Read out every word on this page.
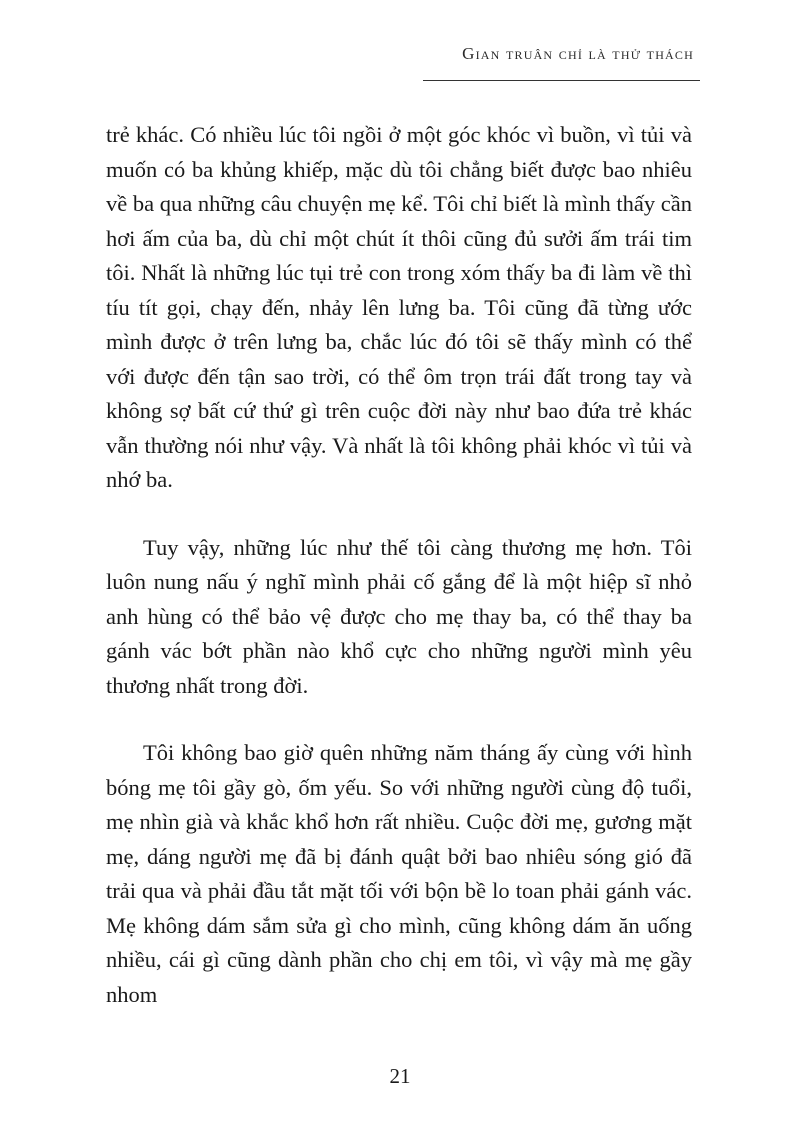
Gian truân chỉ là thử thách

trẻ khác. Có nhiều lúc tôi ngồi ở một góc khóc vì buồn, vì tủi và muốn có ba khủng khiếp, mặc dù tôi chẳng biết được bao nhiêu về ba qua những câu chuyện mẹ kể. Tôi chỉ biết là mình thấy cần hơi ấm của ba, dù chỉ một chút ít thôi cũng đủ sưởi ấm trái tim tôi. Nhất là những lúc tụi trẻ con trong xóm thấy ba đi làm về thì tíu tít gọi, chạy đến, nhảy lên lưng ba. Tôi cũng đã từng ước mình được ở trên lưng ba, chắc lúc đó tôi sẽ thấy mình có thể với được đến tận sao trời, có thể ôm trọn trái đất trong tay và không sợ bất cứ thứ gì trên cuộc đời này như bao đứa trẻ khác vẫn thường nói như vậy. Và nhất là tôi không phải khóc vì tủi và nhớ ba.

Tuy vậy, những lúc như thế tôi càng thương mẹ hơn. Tôi luôn nung nấu ý nghĩ mình phải cố gắng để là một hiệp sĩ nhỏ anh hùng có thể bảo vệ được cho mẹ thay ba, có thể thay ba gánh vác bớt phần nào khổ cực cho những người mình yêu thương nhất trong đời.

Tôi không bao giờ quên những năm tháng ấy cùng với hình bóng mẹ tôi gầy gò, ốm yếu. So với những người cùng độ tuổi, mẹ nhìn già và khắc khổ hơn rất nhiều. Cuộc đời mẹ, gương mặt mẹ, dáng người mẹ đã bị đánh quật bởi bao nhiêu sóng gió đã trải qua và phải đầu tắt mặt tối với bộn bề lo toan phải gánh vác. Mẹ không dám sắm sửa gì cho mình, cũng không dám ăn uống nhiều, cái gì cũng dành phần cho chị em tôi, vì vậy mà mẹ gầy nhom

21
